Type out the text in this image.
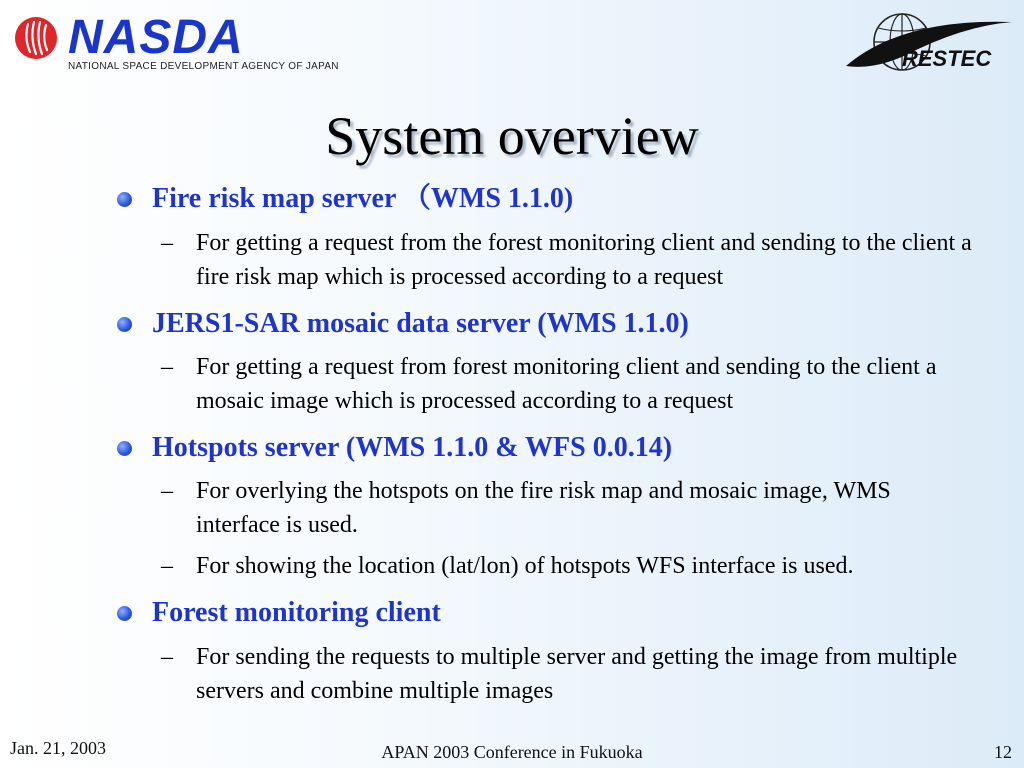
NASDA
NATIONAL SPACE DEVELOPMENT AGENCY OF JAPAN	RESTEC
System overview
Fire risk map server （WMS 1.1.0)
– For getting a request from the forest monitoring client and sending to the client a fire risk map which is processed according to a request
JERS1-SAR mosaic data server (WMS 1.1.0)
– For getting a request from forest monitoring client and sending to the client a mosaic image which is processed according to a request
Hotspots server (WMS 1.1.0 & WFS 0.0.14)
– For overlying the hotspots on the fire risk map and mosaic image, WMS interface is used.
– For showing the location (lat/lon) of hotspots WFS interface is used.
Forest monitoring client
– For sending the requests to multiple server and getting the image from multiple servers and combine multiple images
Jan. 21, 2003	APAN 2003 Conference in Fukuoka	12
